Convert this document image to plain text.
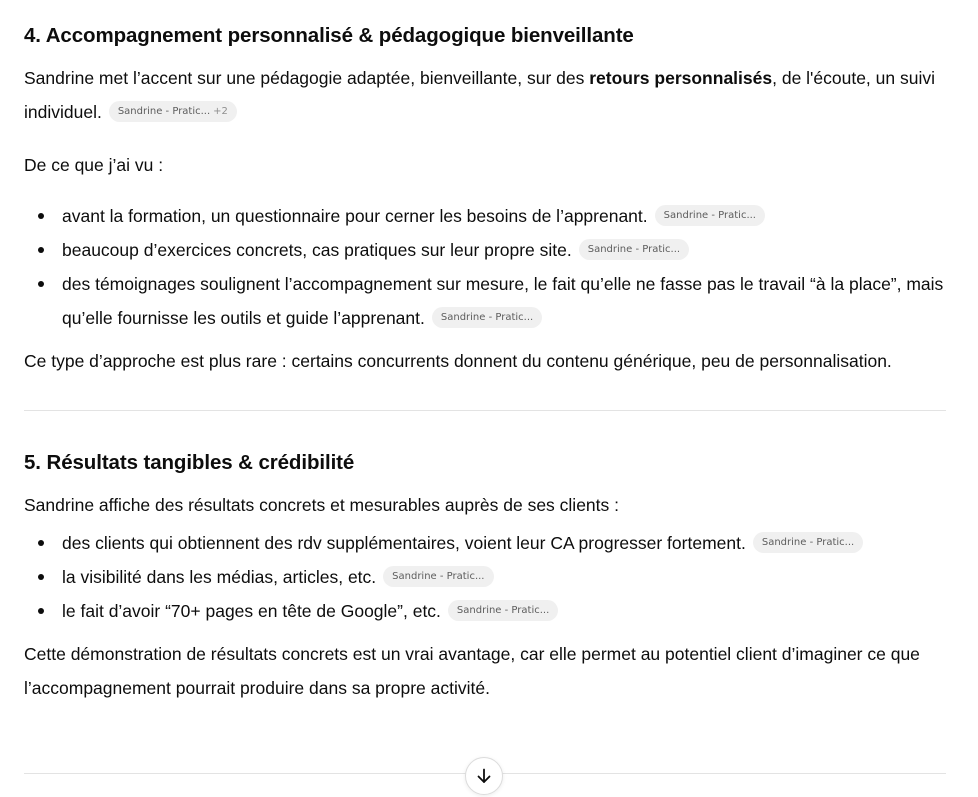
4. Accompagnement personnalisé & pédagogique bienveillante

Sandrine met l’accent sur une pédagogie adaptée, bienveillante, sur des retours personnalisés, de l'écoute, un suivi individuel. Sandrine - Pratic... +2

De ce que j’ai vu :

avant la formation, un questionnaire pour cerner les besoins de l’apprenant. Sandrine - Pratic...
beaucoup d’exercices concrets, cas pratiques sur leur propre site. Sandrine - Pratic...
des témoignages soulignent l’accompagnement sur mesure, le fait qu’elle ne fasse pas le travail “à la place”, mais qu’elle fournisse les outils et guide l’apprenant. Sandrine - Pratic...

Ce type d’approche est plus rare : certains concurrents donnent du contenu générique, peu de personnalisation.

5. Résultats tangibles & crédibilité

Sandrine affiche des résultats concrets et mesurables auprès de ses clients :

des clients qui obtiennent des rdv supplémentaires, voient leur CA progresser fortement. Sandrine - Pratic...
la visibilité dans les médias, articles, etc. Sandrine - Pratic...
le fait d’avoir “70+ pages en tête de Google”, etc. Sandrine - Pratic...

Cette démonstration de résultats concrets est un vrai avantage, car elle permet au potentiel client d’imaginer ce que l’accompagnement pourrait produire dans sa propre activité.
